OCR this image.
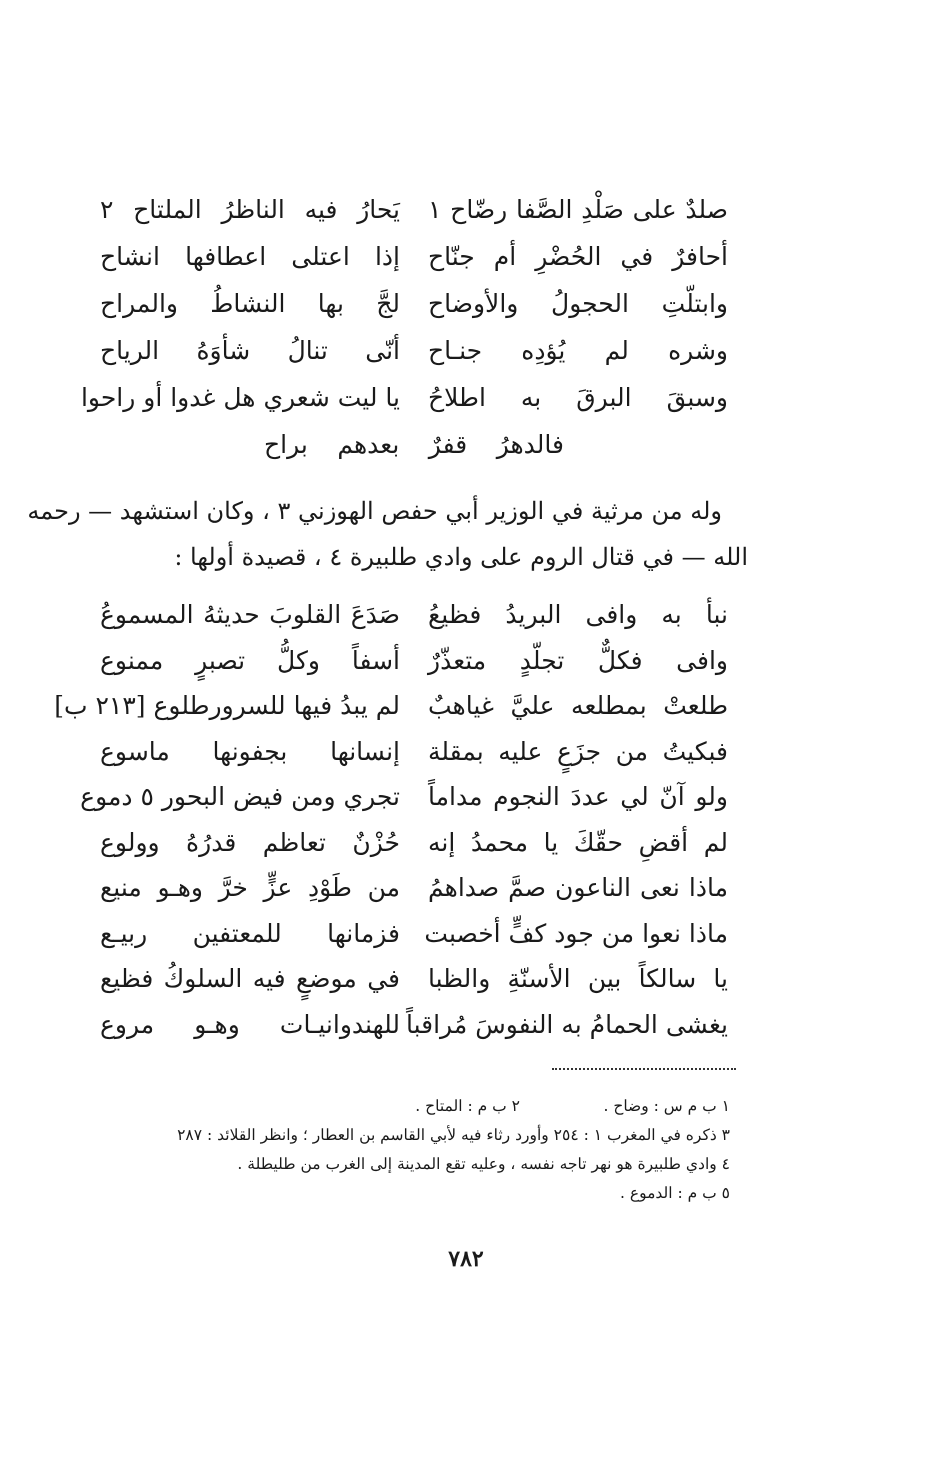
صلدٌ على صَلْدِ الصَّفا رضّاح ١
يَحارُ فيه الناظرُ الملتاح ٢
أحافرٌ في الحُضْرِ أم جنّاح
إذا اعتلى اعطافها ان‍شاح
وابتلّتِ الحجولُ والأوضاح
لجَّ بها النشاطُ والمراح
وشره لم يُؤدِه جنـاح
أنّى تنالُ شأوَهُ الرياح
وسبقَ البرقَ به اطلاحُ
يا ليت شعري هل غدوا أو راحوا
فالدهرُ قفرٌ بعدهم براح
وله من مرثية في الوزير أبي حفص الهوزني ٣ ، وكان استشهد — رحمه
الله — في قتال الروم على وادي طلبيرة ٤ ، قصيدة أولها :
نبأ به وافى البريدُ فظيعُ
صَدَعَ القلوبَ حديثهُ المسموعُ
وافى فكلٌّ تجلّدٍ متعذّرٌ
أسفاً وكلُّ تصبرٍ ممنوع
طلعتْ بمطلعه عليَّ غياهبٌ
لم يبدُ فيها للسرورطلوع [٢١٣ ب]
فبكيتُ من جزَعٍ عليه بمقلة
إنسانها بجفونها ماسوع
ولو آنّ لي عددَ النجوم مداماً
تجري ومن فيض البحور ٥ دموع
لم أقضِ حقّكَ يا محمدُ إنه
حُزْنٌ تعاظم قدرُهُ وولوع
ماذا نعى الناعون صمَّ صداهمُ
من طَوْدِ عزٍّ خرَّ وهـو منيع
ماذا نعوا من جود كفٍّ أخصبت
فزمانها للمعتفين ربيـع
يا سالكاً بين الأسنّةِ والظبا
في موضعٍ فيه السلوكُ فظيع
يغشى الحمامُ به النفوسَ مُراقباً
للهندوانيـات وهـو مروع
١ ب م س : وضاح .
٢ ب م : المتاح .
٣ ذكره في المغرب ١ : ٢٥٤ وأورد رثاء فيه لأبي القاسم بن العطار ؛ وانظر القلائد : ٢٨٧
٤ وادي طلبيرة هو نهر تاجه نفسه ، وعليه تقع المدينة إلى الغرب من طليطلة .
٥ ب م : الدموع .
٧٨٢
